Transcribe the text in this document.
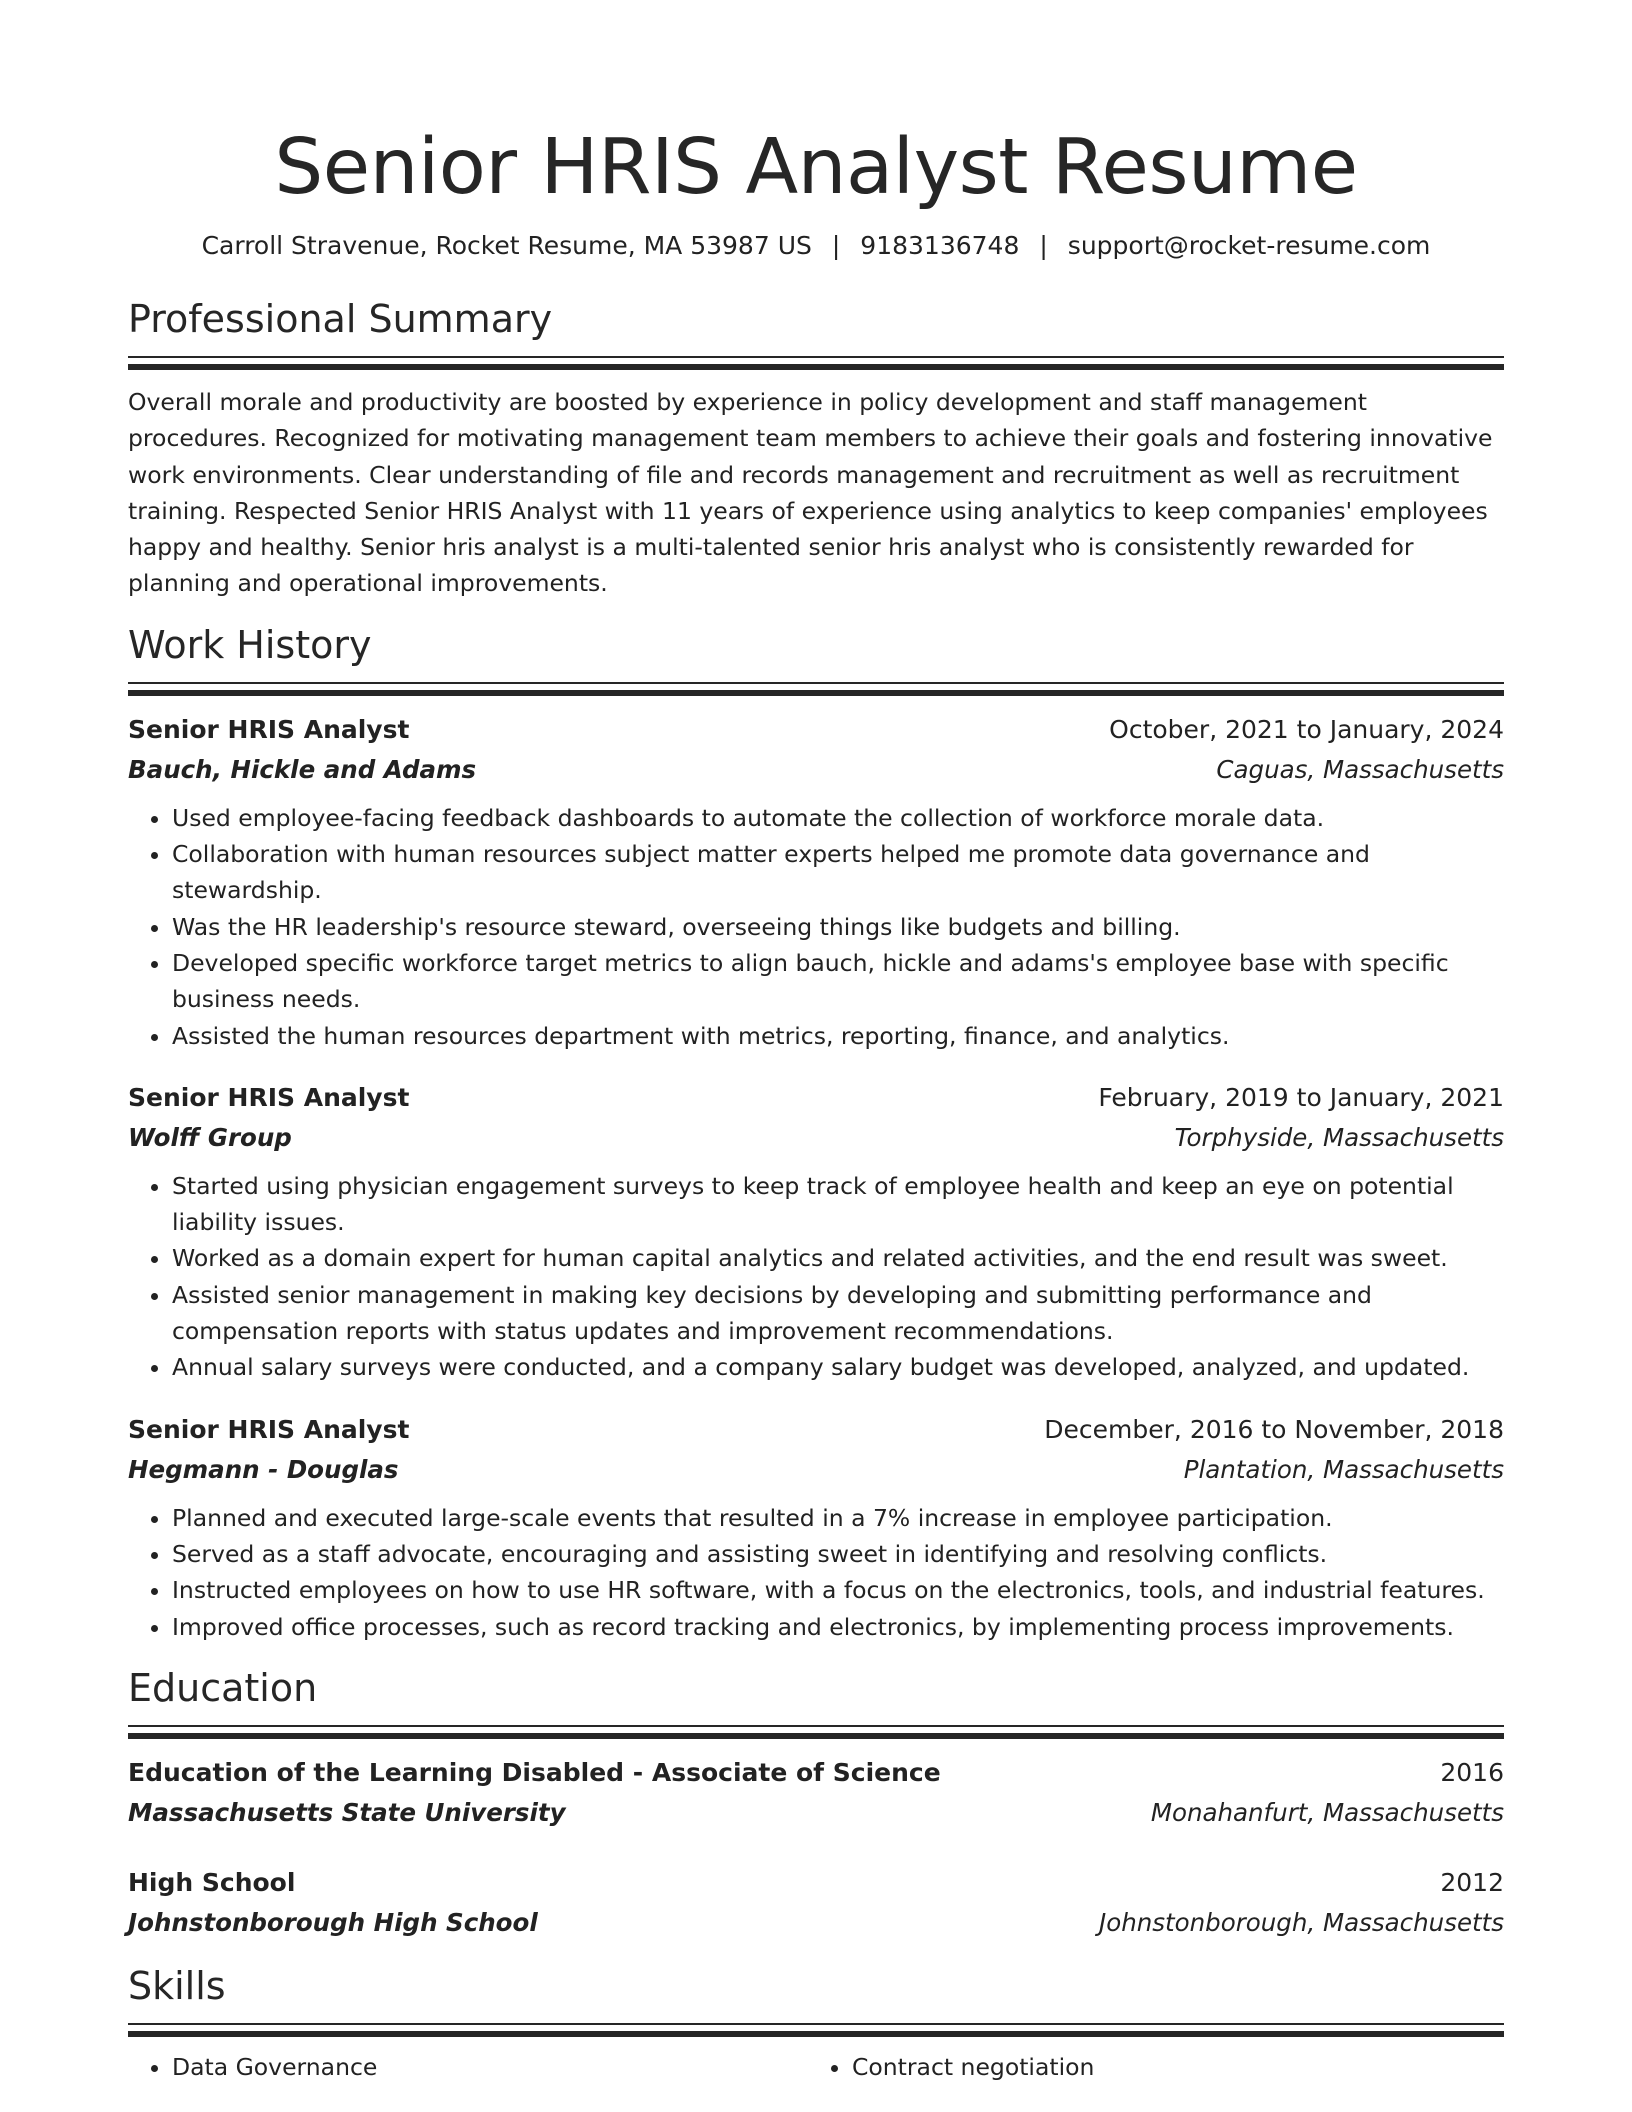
Senior HRIS Analyst Resume
Carroll Stravenue, Rocket Resume, MA 53987 US | 9183136748 | support@rocket-resume.com
Professional Summary
Overall morale and productivity are boosted by experience in policy development and staff management procedures. Recognized for motivating management team members to achieve their goals and fostering innovative work environments. Clear understanding of file and records management and recruitment as well as recruitment training. Respected Senior HRIS Analyst with 11 years of experience using analytics to keep companies' employees happy and healthy. Senior hris analyst is a multi-talented senior hris analyst who is consistently rewarded for planning and operational improvements.
Work History
Senior HRIS Analyst	October, 2021 to January, 2024
Bauch, Hickle and Adams	Caguas, Massachusetts
• Used employee-facing feedback dashboards to automate the collection of workforce morale data.
• Collaboration with human resources subject matter experts helped me promote data governance and stewardship.
• Was the HR leadership's resource steward, overseeing things like budgets and billing.
• Developed specific workforce target metrics to align bauch, hickle and adams's employee base with specific business needs.
• Assisted the human resources department with metrics, reporting, finance, and analytics.
Senior HRIS Analyst	February, 2019 to January, 2021
Wolff Group	Torphyside, Massachusetts
• Started using physician engagement surveys to keep track of employee health and keep an eye on potential liability issues.
• Worked as a domain expert for human capital analytics and related activities, and the end result was sweet.
• Assisted senior management in making key decisions by developing and submitting performance and compensation reports with status updates and improvement recommendations.
• Annual salary surveys were conducted, and a company salary budget was developed, analyzed, and updated.
Senior HRIS Analyst	December, 2016 to November, 2018
Hegmann - Douglas	Plantation, Massachusetts
• Planned and executed large-scale events that resulted in a 7% increase in employee participation.
• Served as a staff advocate, encouraging and assisting sweet in identifying and resolving conflicts.
• Instructed employees on how to use HR software, with a focus on the electronics, tools, and industrial features.
• Improved office processes, such as record tracking and electronics, by implementing process improvements.
Education
Education of the Learning Disabled - Associate of Science	2016
Massachusetts State University	Monahanfurt, Massachusetts
High School	2012
Johnstonborough High School	Johnstonborough, Massachusetts
Skills
• Data Governance
•	Contract negotiation
